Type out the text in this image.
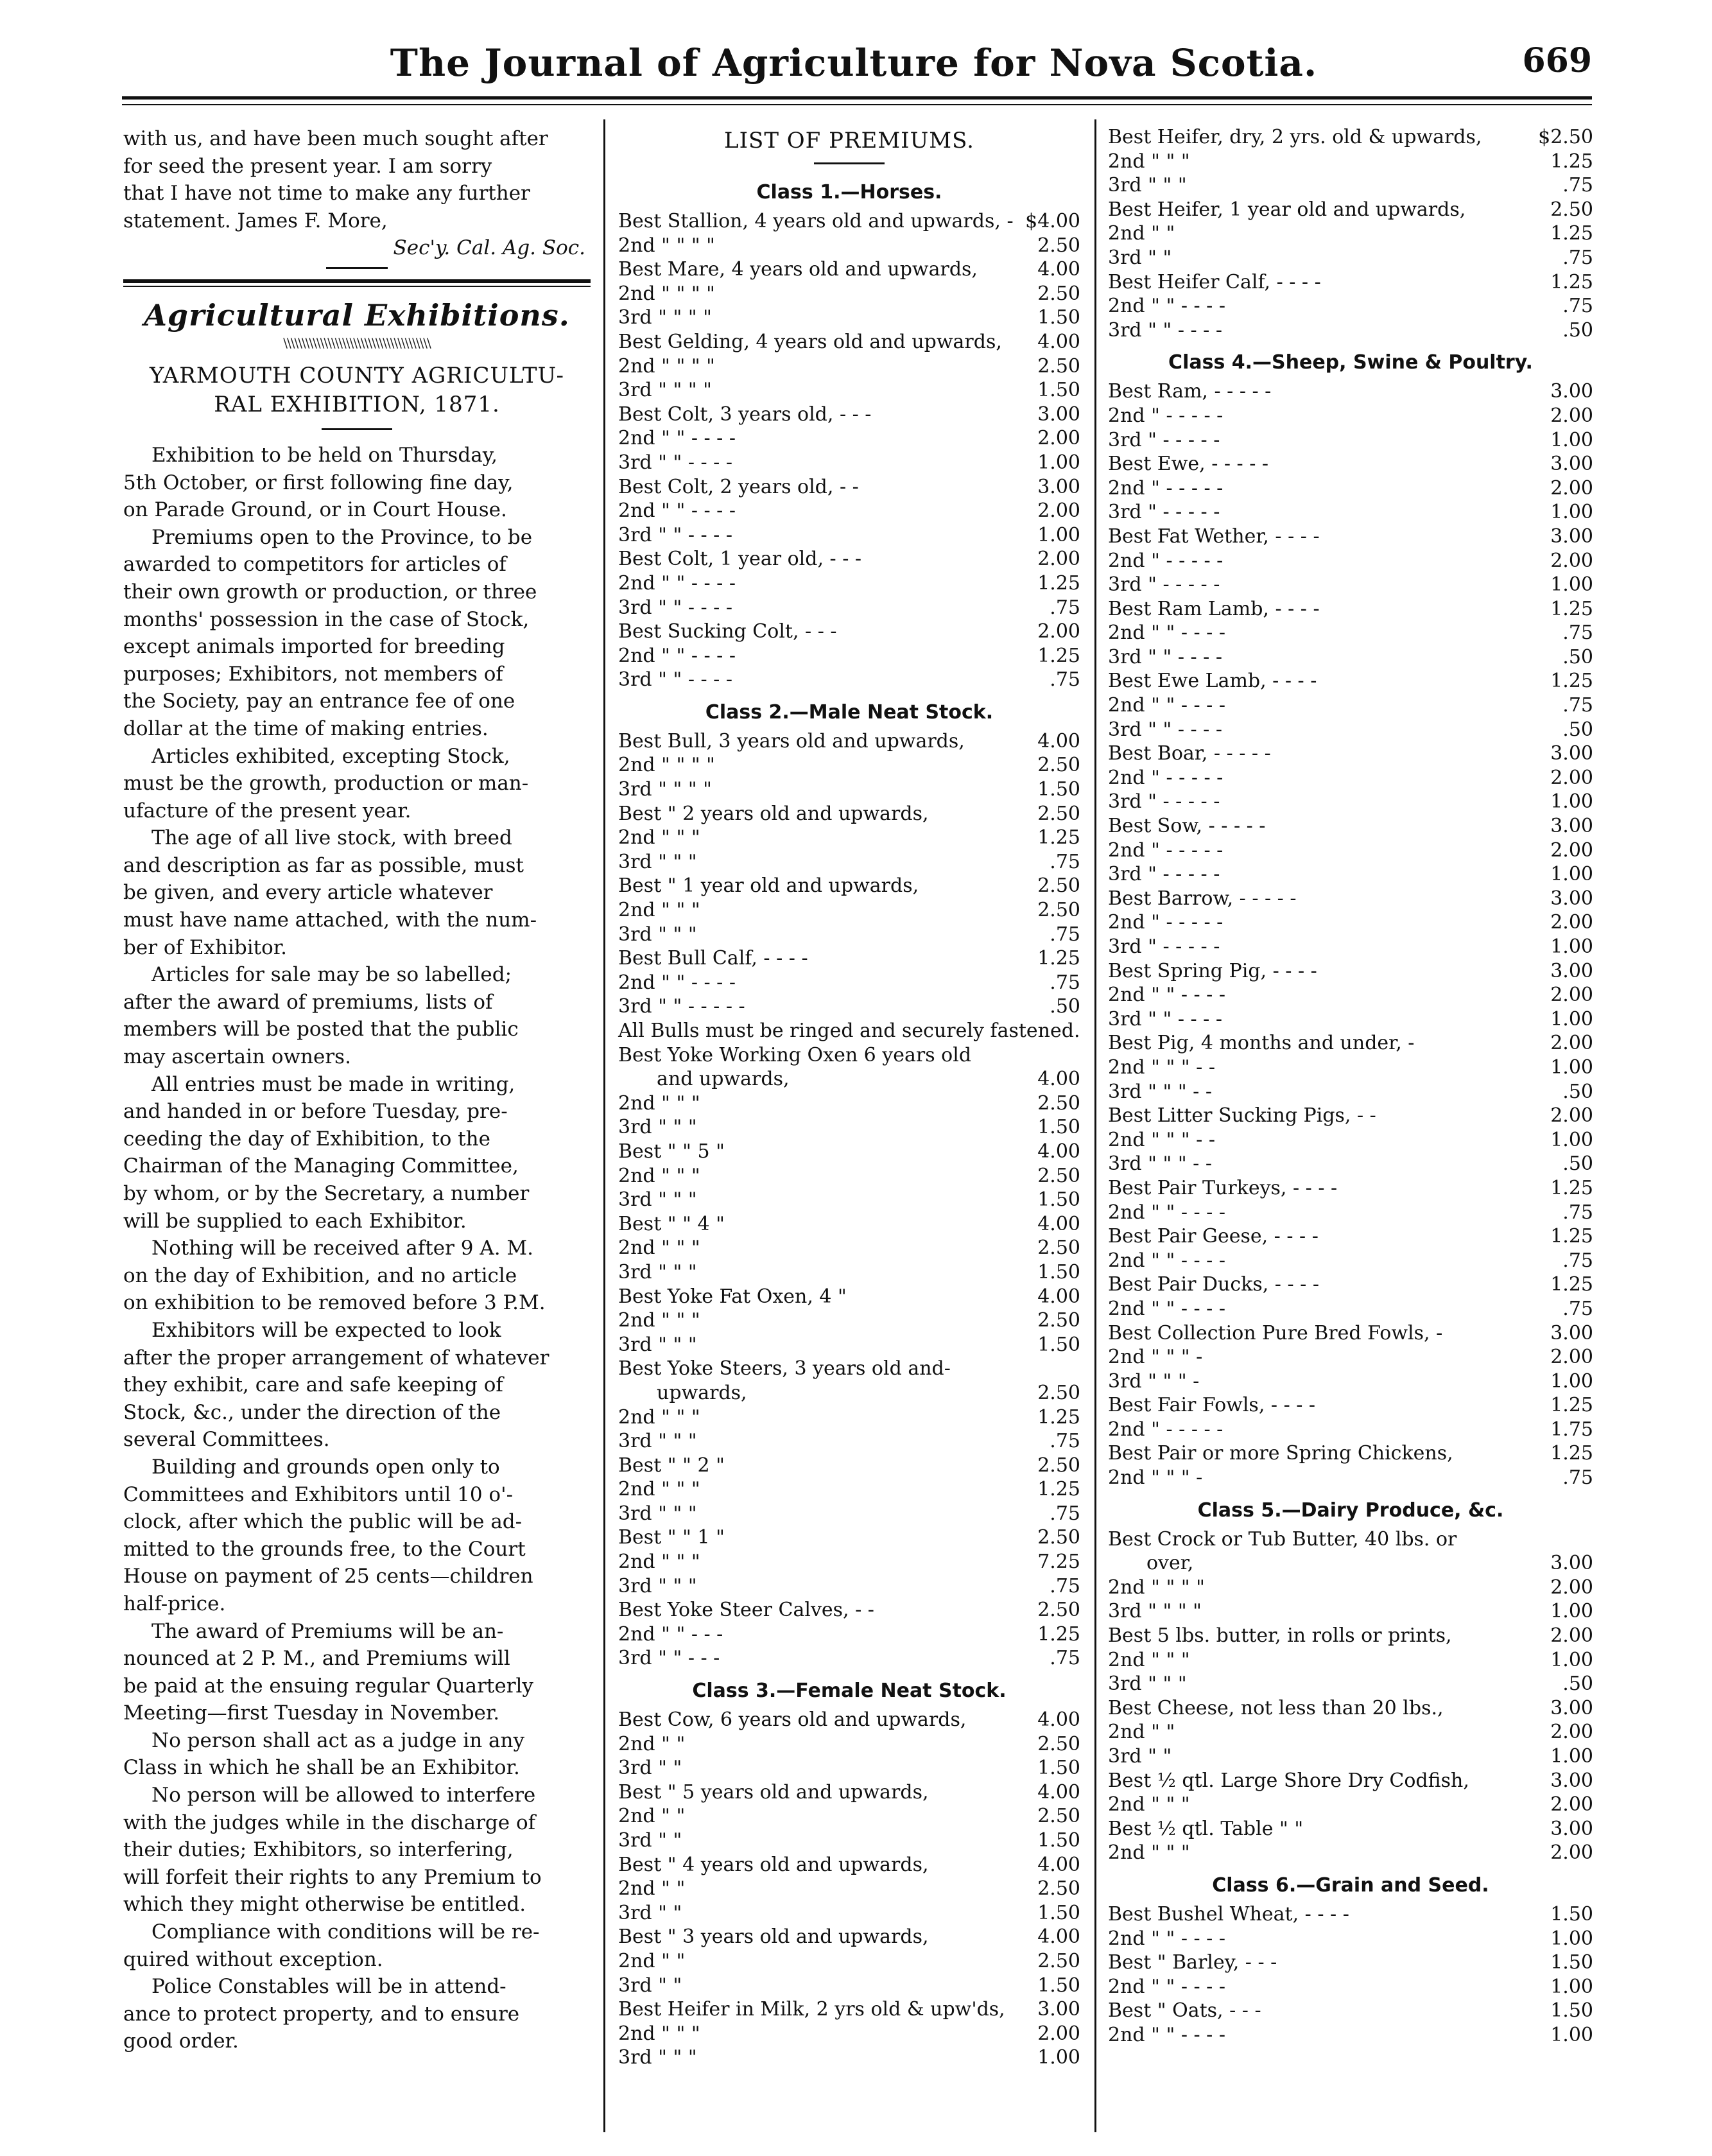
The Journal of Agriculture for Nova Scotia.	669
with us, and have been much sought after
for seed the present year. I am sorry
that I have not time to make any further
statement. James F. More,
Sec'y. Cal. Ag. Soc.
Agricultural Exhibitions.
\\\\\\\\\\\\\\\\\\\\\\\\\\\\\\\\\\\\\\\\
YARMOUTH COUNTY AGRICULTU-
RAL EXHIBITION, 1871.
Exhibition to be held on Thursday,
5th October, or first following fine day,
on Parade Ground, or in Court House.
Premiums open to the Province, to be
awarded to competitors for articles of
their own growth or production, or three
months' possession in the case of Stock,
except animals imported for breeding
purposes; Exhibitors, not members of
the Society, pay an entrance fee of one
dollar at the time of making entries.
Articles exhibited, excepting Stock,
must be the growth, production or man-
ufacture of the present year.
The age of all live stock, with breed
and description as far as possible, must
be given, and every article whatever
must have name attached, with the num-
ber of Exhibitor.
Articles for sale may be so labelled;
after the award of premiums, lists of
members will be posted that the public
may ascertain owners.
All entries must be made in writing,
and handed in or before Tuesday, pre-
ceeding the day of Exhibition, to the
Chairman of the Managing Committee,
by whom, or by the Secretary, a number
will be supplied to each Exhibitor.
Nothing will be received after 9 A. M.
on the day of Exhibition, and no article
on exhibition to be removed before 3 P.M.
Exhibitors will be expected to look
after the proper arrangement of whatever
they exhibit, care and safe keeping of
Stock, &c., under the direction of the
several Committees.
Building and grounds open only to
Committees and Exhibitors until 10 o'-
clock, after which the public will be ad-
mitted to the grounds free, to the Court
House on payment of 25 cents—children
half-price.
The award of Premiums will be an-
nounced at 2 P. M., and Premiums will
be paid at the ensuing regular Quarterly
Meeting—first Tuesday in November.
No person shall act as a judge in any
Class in which he shall be an Exhibitor.
No person will be allowed to interfere
with the judges while in the discharge of
their duties; Exhibitors, so interfering,
will forfeit their rights to any Premium to
which they might otherwise be entitled.
Compliance with conditions will be re-
quired without exception.
Police Constables will be in attend-
ance to protect property, and to ensure
good order.
LIST OF PREMIUMS.
Class 1.—Horses.
Best Stallion, 4 years old and upwards, - $4.00
2nd " " " "	2.50
Best Mare, 4 years old and upwards,	4.00
2nd " " " "	2.50
3rd " " " "	1.50
Best Gelding, 4 years old and upwards, 4.00
2nd " " " "	2.50
3rd " " " "	1.50
Best Colt, 3 years old, - - -	3.00
2nd " " - - - -	2.00
3rd " " - - - -	1.00
Best Colt, 2 years old, - -	3.00
2nd " " - - - -	2.00
3rd " " - - - -	1.00
Best Colt, 1 year old, - - -	2.00
2nd " " - - - -	1.25
3rd " " - - - -	.75
Best Sucking Colt, - - -	2.00
2nd " " - - - -	1.25
3rd " " - - - -	.75
Class 2.—Male Neat Stock.
Best Bull, 3 years old and upwards,	4.00
2nd " " " "	2.50
3rd " " " "	1.50
Best " 2 years old and upwards,	2.50
2nd " " "	1.25
3rd " " "	.75
Best " 1 year old and upwards,	2.50
2nd " " "	2.50
3rd " " "	.75
Best Bull Calf, - - - -	1.25
2nd " " - - - -	.75
3rd " " - - - - -	.50
All Bulls must be ringed and securely fastened.
Best Yoke Working Oxen 6 years old
and upwards,	4.00
2nd " " "	2.50
3rd " " "	1.50
Best " " 5 "	4.00
2nd " " "	2.50
3rd " " "	1.50
Best " " 4 "	4.00
2nd " " "	2.50
3rd " " "	1.50
Best Yoke Fat Oxen, 4 "	4.00
2nd " " "	2.50
3rd " " "	1.50
Best Yoke Steers, 3 years old and-
upwards,	2.50
2nd " " "	1.25
3rd " " "	.75
Best " " 2 "	2.50
2nd " " "	1.25
3rd " " "	.75
Best " " 1 "	2.50
2nd " " "	7.25
3rd " " "	.75
Best Yoke Steer Calves, - -	2.50
2nd " " - - -	1.25
3rd " " - - -	.75
Class 3.—Female Neat Stock.
Best Cow, 6 years old and upwards,	4.00
2nd " "	2.50
3rd " "	1.50
Best " 5 years old and upwards,	4.00
2nd " "	2.50
3rd " "	1.50
Best " 4 years old and upwards,	4.00
2nd " "	2.50
3rd " "	1.50
Best " 3 years old and upwards,	4.00
2nd " "	2.50
3rd " "	1.50
Best Heifer in Milk, 2 yrs old & upw'ds, 3.00
2nd " " "	2.00
3rd " " "	1.00
Best Heifer, dry, 2 yrs. old & upwards,	$2.50
2nd " " "	1.25
3rd " " "	.75
Best Heifer, 1 year old and upwards,	2.50
2nd " "	1.25
3rd " "	.75
Best Heifer Calf, - - - -	1.25
2nd " " - - - -	.75
3rd " " - - - -	.50
Class 4.—Sheep, Swine & Poultry.
Best Ram, - - - - -	3.00
2nd " - - - - -	2.00
3rd " - - - - -	1.00
Best Ewe, - - - - -	3.00
2nd " - - - - -	2.00
3rd " - - - - -	1.00
Best Fat Wether, - - - -	3.00
2nd " - - - - -	2.00
3rd " - - - - -	1.00
Best Ram Lamb, - - - -	1.25
2nd " " - - - -	.75
3rd " " - - - -	.50
Best Ewe Lamb, - - - -	1.25
2nd " " - - - -	.75
3rd " " - - - -	.50
Best Boar, - - - - -	3.00
2nd " - - - - -	2.00
3rd " - - - - -	1.00
Best Sow, - - - - -	3.00
2nd " - - - - -	2.00
3rd " - - - - -	1.00
Best Barrow, - - - - -	3.00
2nd " - - - - -	2.00
3rd " - - - - -	1.00
Best Spring Pig, - - - -	3.00
2nd " " - - - -	2.00
3rd " " - - - -	1.00
Best Pig, 4 months and under, -	2.00
2nd " " " - -	1.00
3rd " " " - -	.50
Best Litter Sucking Pigs, - -	2.00
2nd " " " - -	1.00
3rd " " " - -	.50
Best Pair Turkeys, - - - -	1.25
2nd " " - - - -	.75
Best Pair Geese, - - - -	1.25
2nd " " - - - -	.75
Best Pair Ducks, - - - -	1.25
2nd " " - - - -	.75
Best Collection Pure Bred Fowls, -	3.00
2nd " " " -	2.00
3rd " " " -	1.00
Best Fair Fowls, - - - -	1.25
2nd " - - - - -	1.75
Best Pair or more Spring Chickens,	1.25
2nd " " " -	.75
Class 5.—Dairy Produce, &c.
Best Crock or Tub Butter, 40 lbs. or
over,	3.00
2nd " " " "	2.00
3rd " " " "	1.00
Best 5 lbs. butter, in rolls or prints,	2.00
2nd " " "	1.00
3rd " " "	.50
Best Cheese, not less than 20 lbs.,	3.00
2nd " "	2.00
3rd " "	1.00
Best ½ qtl. Large Shore Dry Codfish,	3.00
2nd " " "	2.00
Best ½ qtl. Table " "	3.00
2nd " " "	2.00
Class 6.—Grain and Seed.
Best Bushel Wheat, - - - -	1.50
2nd " " - - - -	1.00
Best " Barley, - - -	1.50
2nd " " - - - -	1.00
Best " Oats, - - -	1.50
2nd " " - - - -	1.00
